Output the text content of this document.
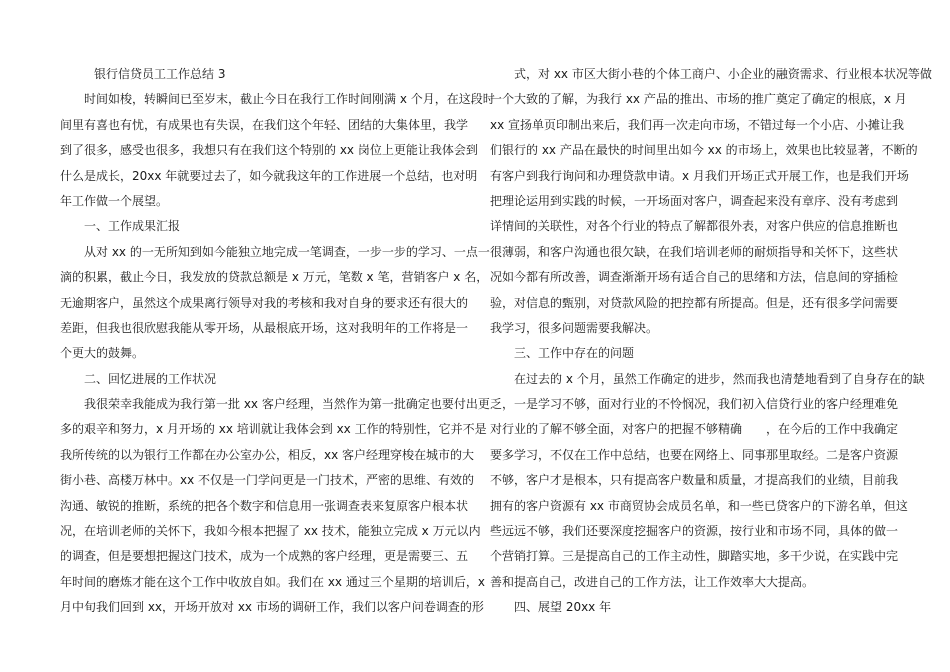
银行信贷员工工作总结 3
时间如梭，转瞬间已至岁末，截止今日在我行工作时间刚满 x 个月，在这段时
间里有喜也有忧，有成果也有失误，在我们这个年轻、团结的大集体里，我学
到了很多，感受也很多，我想只有在我们这个特别的 xx 岗位上更能让我体会到
什么是成长，20xx 年就要过去了，如今就我这年的工作进展一个总结，也对明
年工作做一个展望。
一、工作成果汇报
从对 xx 的一无所知到如今能独立地完成一笔调查，一步一步的学习、一点一
滴的积累，截止今日，我发放的贷款总额是 x 万元，笔数 x 笔，营销客户 x 名，
无逾期客户，虽然这个成果离行领导对我的考核和我对自身的要求还有很大的
差距，但我也很欣慰我能从零开场，从最根底开场，这对我明年的工作将是一
个更大的鼓舞。
二、回忆进展的工作状况
我很荣幸我能成为我行第一批 xx 客户经理，当然作为第一批确定也要付出更
多的艰辛和努力，x 月开场的 xx 培训就让我体会到 xx 工作的特别性，它并不是
我所传统的以为银行工作都在办公室办公，相反，xx 客户经理穿梭在城市的大
街小巷、高楼万林中。xx 不仅是一门学问更是一门技术，严密的思维、有效的
沟通、敏锐的推断，系统的把各个数字和信息用一张调查表来复原客户根本状
况，在培训老师的关怀下，我如今根本把握了 xx 技术，能独立完成 x 万元以内
的调查，但是要想把握这门技术，成为一个成熟的客户经理，更是需要三、五
年时间的磨炼才能在这个工作中收放自如。我们在 xx 通过三个星期的培训后，x
月中旬我们回到 xx，开场开放对 xx 市场的调研工作，我们以客户问卷调查的形
式，对 xx 市区大街小巷的个体工商户、小企业的融资需求、行业根本状况等做
一个大致的了解，为我行 xx 产品的推出、市场的推广奠定了确定的根底，x 月
xx 宣扬单页印制出来后，我们再一次走向市场，不错过每一个小店、小摊让我
们银行的 xx 产品在最快的时间里出如今 xx 的市场上，效果也比较显著，不断的
有客户到我行询问和办理贷款申请。x 月我们开场正式开展工作，也是我们开场
把理论运用到实践的时候，一开场面对客户，调查起来没有章序、没有考虑到
详情间的关联性，对各个行业的特点了解都很外表，对客户供应的信息推断也
很薄弱，和客户沟通也很欠缺，在我们培训老师的耐烦指导和关怀下，这些状
况如今都有所改善，调查渐渐开场有适合自己的思绪和方法，信息间的穿插检
验，对信息的甄别，对贷款风险的把控都有所提高。但是，还有很多学问需要
我学习，很多问题需要我解决。
三、工作中存在的问题
在过去的 x 个月，虽然工作确定的进步，然而我也清楚地看到了自身存在的缺
乏，一是学习不够，面对行业的不怜悯况，我们初入信贷行业的客户经理难免
对行业的了解不够全面，对客户的把握不够精确　　，在今后的工作中我确定
要多学习，不仅在工作中总结，也要在网络上、同事那里取经。二是客户资源
不够，客户才是根本，只有提高客户数量和质量，才提高我们的业绩，目前我
拥有的客户资源有 xx 市商贸协会成员名单，和一些已贷客户的下游名单，但这
些远远不够，我们还要深度挖掘客户的资源，按行业和市场不同，具体的做一
个营销打算。三是提高自己的工作主动性，脚踏实地，多干少说，在实践中完
善和提高自己，改进自己的工作方法，让工作效率大大提高。
四、展望 20xx 年
